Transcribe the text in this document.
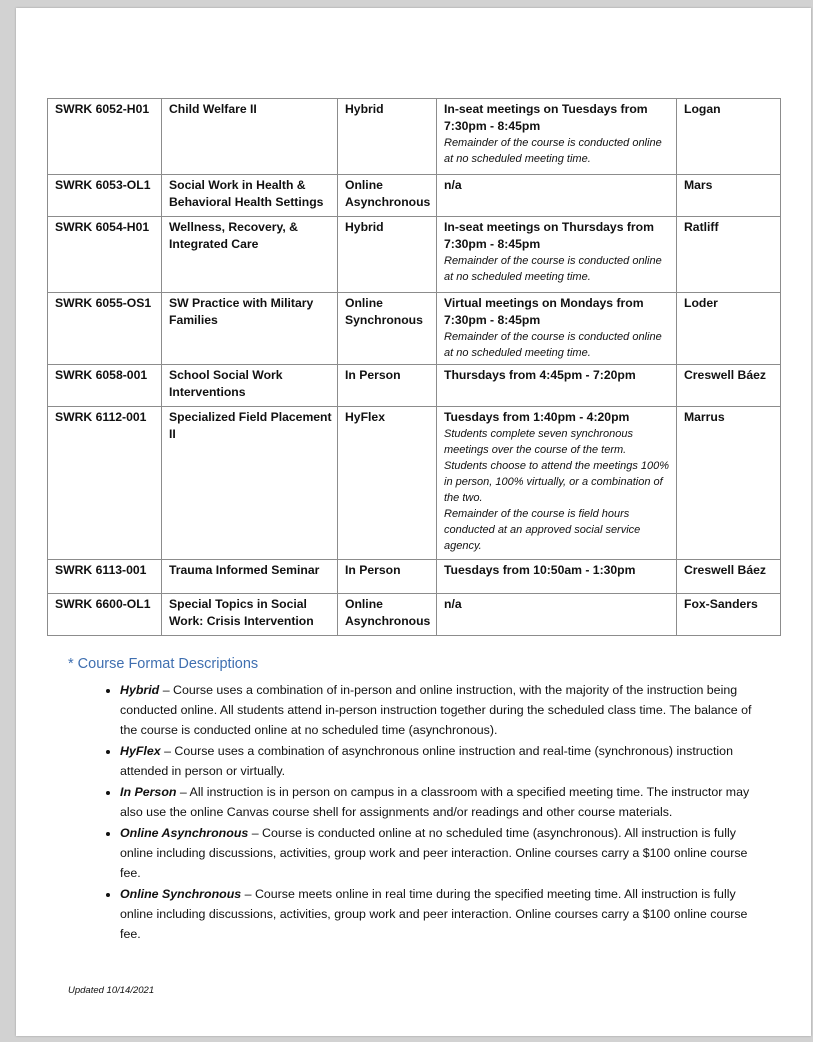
SWRK 6052-H01	Child Welfare II	Hybrid	In-seat meetings on Tuesdays from 7:30pm - 8:45pm
Remainder of the course is conducted online at no scheduled meeting time.	Logan
SWRK 6053-OL1	Social Work in Health & Behavioral Health Settings	Online Asynchronous	n/a	Mars
SWRK 6054-H01	Wellness, Recovery, & Integrated Care	Hybrid	In-seat meetings on Thursdays from 7:30pm - 8:45pm
Remainder of the course is conducted online at no scheduled meeting time.	Ratliff
SWRK 6055-OS1	SW Practice with Military Families	Online Synchronous	Virtual meetings on Mondays from 7:30pm - 8:45pm
Remainder of the course is conducted online at no scheduled meeting time.	Loder
SWRK 6058-001	School Social Work Interventions	In Person	Thursdays from 4:45pm - 7:20pm	Creswell Báez
SWRK 6112-001	Specialized Field Placement II	HyFlex	Tuesdays from 1:40pm - 4:20pm
Students complete seven synchronous meetings over the course of the term. Students choose to attend the meetings 100% in person, 100% virtually, or a combination of the two.
Remainder of the course is field hours conducted at an approved social service agency.	Marrus
SWRK 6113-001	Trauma Informed Seminar	In Person	Tuesdays from 10:50am - 1:30pm	Creswell Báez
SWRK 6600-OL1	Special Topics in Social Work: Crisis Intervention	Online Asynchronous	n/a	Fox-Sanders
* Course Format Descriptions
• Hybrid – Course uses a combination of in-person and online instruction, with the majority of the instruction being conducted online. All students attend in-person instruction together during the scheduled class time. The balance of the course is conducted online at no scheduled time (asynchronous).
• HyFlex – Course uses a combination of asynchronous online instruction and real-time (synchronous) instruction attended in person or virtually.
• In Person – All instruction is in person on campus in a classroom with a specified meeting time. The instructor may also use the online Canvas course shell for assignments and/or readings and other course materials.
• Online Asynchronous – Course is conducted online at no scheduled time (asynchronous). All instruction is fully online including discussions, activities, group work and peer interaction. Online courses carry a $100 online course fee.
• Online Synchronous – Course meets online in real time during the specified meeting time. All instruction is fully online including discussions, activities, group work and peer interaction. Online courses carry a $100 online course fee.
Updated 10/14/2021
